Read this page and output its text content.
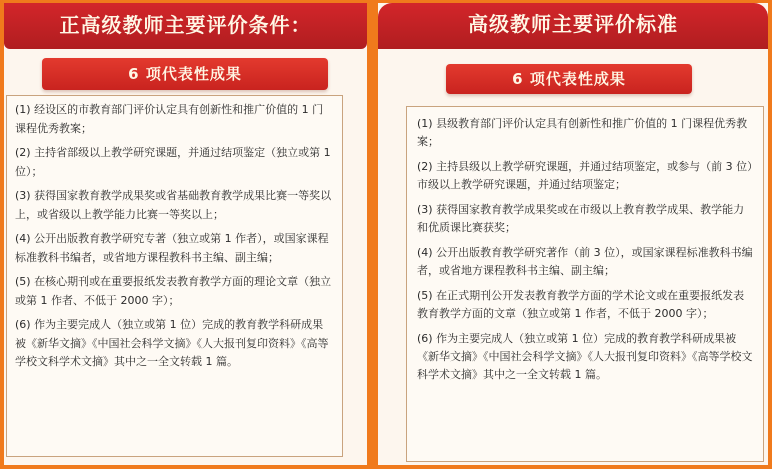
正高级教师主要评价条件：
6 项代表性成果

(1) 经设区的市教育部门评价认定具有创新性和推广价值的 1 门课程优秀教案；

(2) 主持省部级以上教学研究课题，并通过结项鉴定（独立或第 1 位）；

(3) 获得国家教育教学成果奖或省基础教育教学成果比赛一等奖以上，或省级以上教学能力比赛一等奖以上；

(4) 公开出版教育教学研究专著（独立或第 1 作者），或国家课程标准教科书编者，或省地方课程教科书主编、副主编；

(5) 在核心期刊或在重要报纸发表教育教学方面的理论文章（独立或第 1 作者、不低于 2000 字）；

(6) 作为主要完成人（独立或第 1 位）完成的教育教学科研成果被《新华文摘》《中国社会科学文摘》《人大报刊复印资料》《高等学校文科学术文摘》其中之一全文转载 1 篇。

高级教师主要评价标准
6 项代表性成果

(1) 县级教育部门评价认定具有创新性和推广价值的 1 门课程优秀教案；

(2) 主持县级以上教学研究课题，并通过结项鉴定，或参与（前 3 位）市级以上教学研究课题，并通过结项鉴定；

(3) 获得国家教育教学成果奖或在市级以上教育教学成果、教学能力和优质课比赛获奖；

(4) 公开出版教育教学研究著作（前 3 位），或国家课程标准教科书编者，或省地方课程教科书主编、副主编；

(5) 在正式期刊公开发表教育教学方面的学术论文或在重要报纸发表教育教学方面的文章（独立或第 1 作者，不低于 2000 字）；

(6) 作为主要完成人（独立或第 1 位）完成的教育教学科研成果被《新华文摘》《中国社会科学文摘》《人大报刊复印资料》《高等学校文科学术文摘》其中之一全文转载 1 篇。
